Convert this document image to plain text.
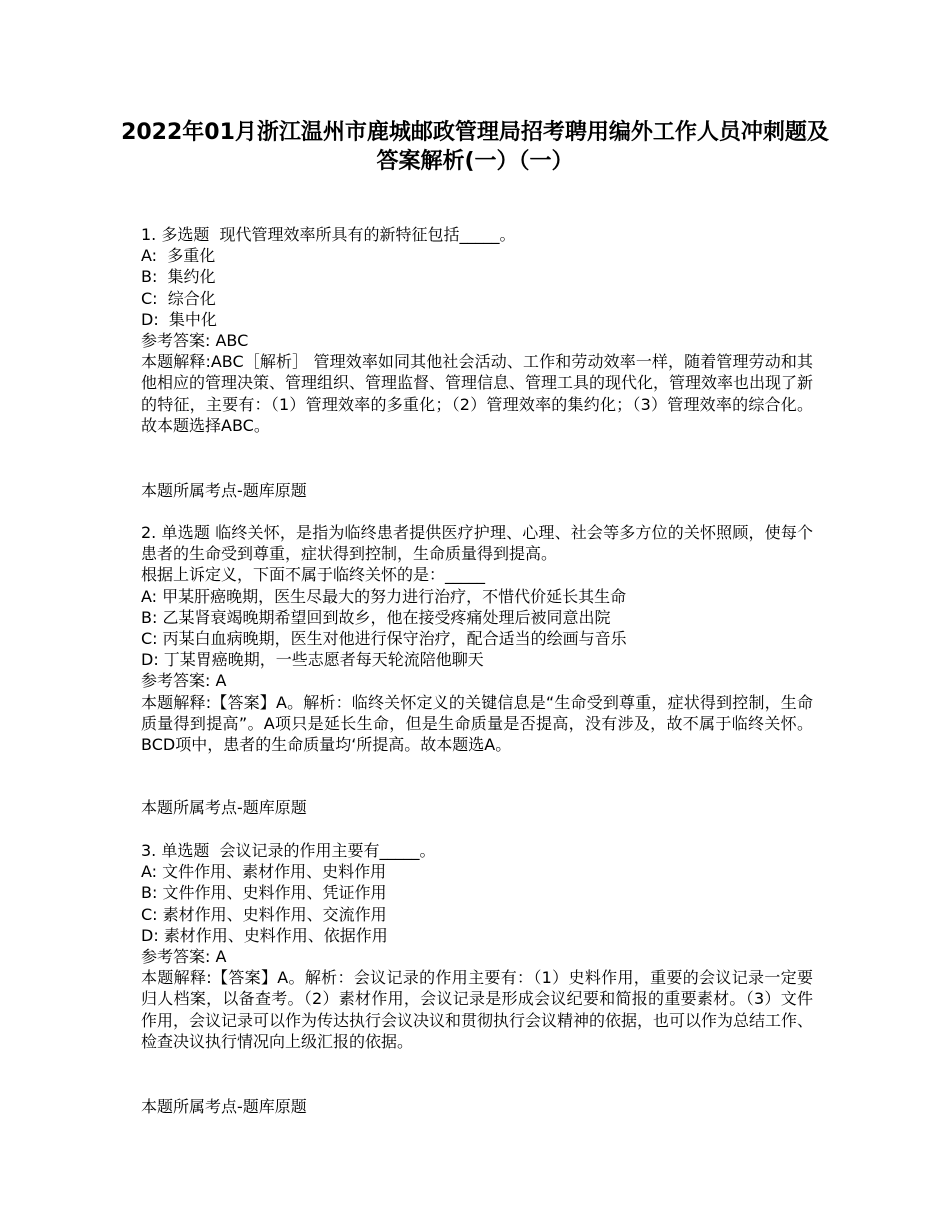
2022年01月浙江温州市鹿城邮政管理局招考聘用编外工作人员冲刺题及答案解析(一）（一）
1. 多选题  现代管理效率所具有的新特征包括_____。
A:  多重化
B:  集约化
C:  综合化
D:  集中化
参考答案: ABC
本题解释:ABC［解析］ 管理效率如同其他社会活动、工作和劳动效率一样，随着管理劳动和其他相应的管理决策、管理组织、管理监督、管理信息、管理工具的现代化，管理效率也出现了新的特征，主要有：（1）管理效率的多重化；（2）管理效率的集约化；（3）管理效率的综合化。故本题选择ABC。
本题所属考点-题库原题
2. 单选题 临终关怀，是指为临终患者提供医疗护理、心理、社会等多方位的关怀照顾，使每个患者的生命受到尊重，症状得到控制，生命质量得到提高。
根据上诉定义，下面不属于临终关怀的是：_____
A: 甲某肝癌晚期，医生尽最大的努力进行治疗，不惜代价延长其生命
B: 乙某肾衰竭晚期希望回到故乡，他在接受疼痛处理后被同意出院
C: 丙某白血病晚期，医生对他进行保守治疗，配合适当的绘画与音乐
D: 丁某胃癌晚期，一些志愿者每天轮流陪他聊天
参考答案: A
本题解释:【答案】A。解析：临终关怀定义的关键信息是“生命受到尊重，症状得到控制，生命质量得到提高”。A项只是延长生命，但是生命质量是否提高，没有涉及，故不属于临终关怀。BCD项中，患者的生命质量均‘所提高。故本题选A。
本题所属考点-题库原题
3. 单选题  会议记录的作用主要有_____。
A: 文件作用、素材作用、史料作用
B: 文件作用、史料作用、凭证作用
C: 素材作用、史料作用、交流作用
D: 素材作用、史料作用、依据作用
参考答案: A
本题解释:【答案】A。解析：会议记录的作用主要有：（1）史料作用，重要的会议记录一定要归人档案，以备查考。（2）素材作用，会议记录是形成会议纪要和简报的重要素材。（3）文件作用，会议记录可以作为传达执行会议决议和贯彻执行会议精神的依据，也可以作为总结工作、检查决议执行情况向上级汇报的依据。
本题所属考点-题库原题
